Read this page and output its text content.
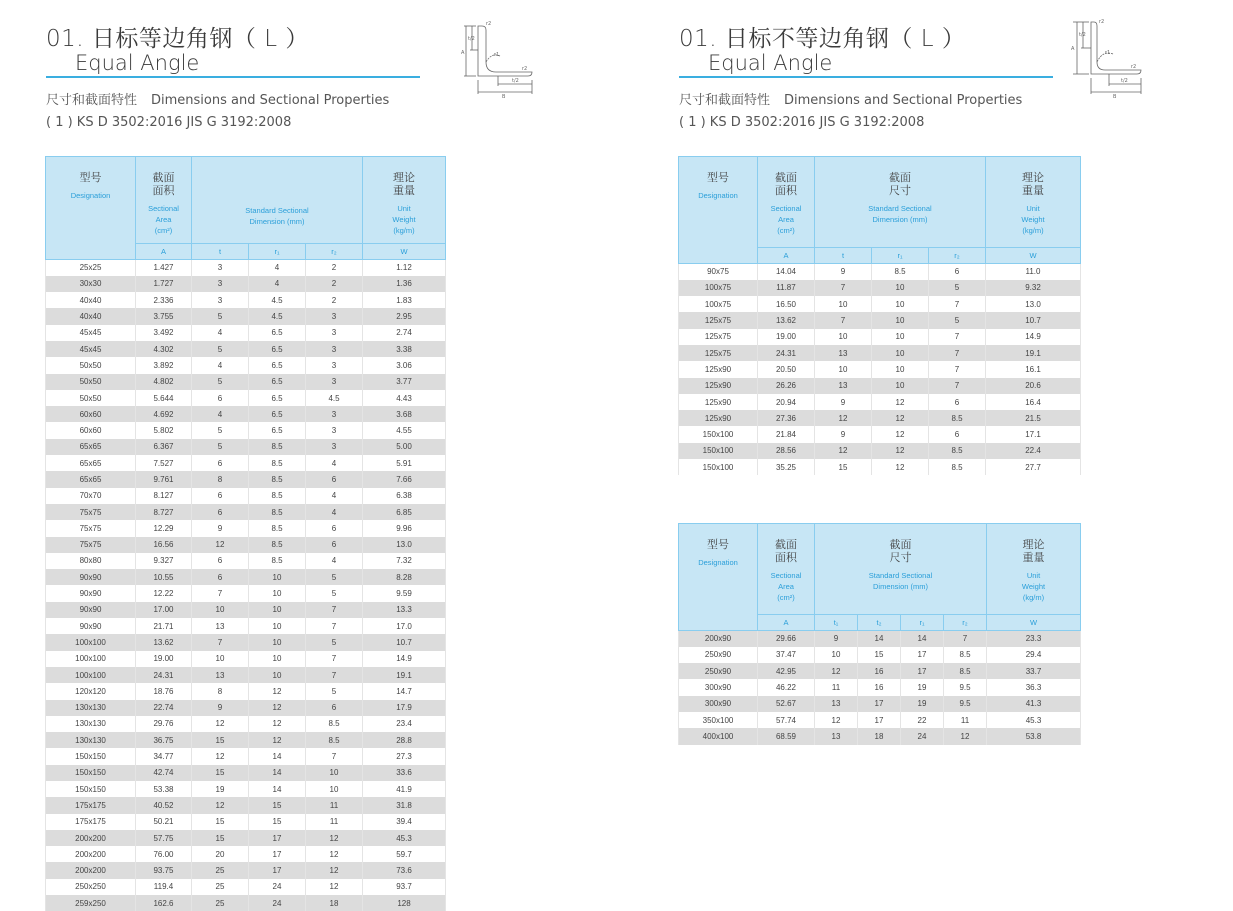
01. 日标等边角钢（ L ）
Equal Angle
尺寸和截面特性 Dimensions and Sectional Properties
( 1 ) KS D 3502:2016 JIS G 3192:2008
A
t/2
B
t/2
r2
r1
r2
型号
Designation	截面面积
Sectional Area (cm²)	Standard Sectional Dimension (mm)			理论重量
Unit Weight (kg/m)

	A	t	r₁	r₂	W
25x25	1.427	3	4	2	1.12
30x30	1.727	3	4	2	1.36
40x40	2.336	3	4.5	2	1.83
40x40	3.755	5	4.5	3	2.95
45x45	3.492	4	6.5	3	2.74
45x45	4.302	5	6.5	3	3.38
50x50	3.892	4	6.5	3	3.06
50x50	4.802	5	6.5	3	3.77
50x50	5.644	6	6.5	4.5	4.43
60x60	4.692	4	6.5	3	3.68
60x60	5.802	5	6.5	3	4.55
65x65	6.367	5	8.5	3	5.00
65x65	7.527	6	8.5	4	5.91
65x65	9.761	8	8.5	6	7.66
70x70	8.127	6	8.5	4	6.38
75x75	8.727	6	8.5	4	6.85
75x75	12.29	9	8.5	6	9.96
75x75	16.56	12	8.5	6	13.0
80x80	9.327	6	8.5	4	7.32
90x90	10.55	6	10	5	8.28
90x90	12.22	7	10	5	9.59
90x90	17.00	10	10	7	13.3
90x90	21.71	13	10	7	17.0
100x100	13.62	7	10	5	10.7
100x100	19.00	10	10	7	14.9
100x100	24.31	13	10	7	19.1
120x120	18.76	8	12	5	14.7
130x130	22.74	9	12	6	17.9
130x130	29.76	12	12	8.5	23.4
130x130	36.75	15	12	8.5	28.8
150x150	34.77	12	14	7	27.3
150x150	42.74	15	14	10	33.6
150x150	53.38	19	14	10	41.9
175x175	40.52	12	15	11	31.8
175x175	50.21	15	15	11	39.4
200x200	57.75	15	17	12	45.3
200x200	76.00	20	17	12	59.7
200x200	93.75	25	17	12	73.6
250x250	119.4	25	24	12	93.7
259x250	162.6	25	24	18	128
01. 日标不等边角钢（ L ）
Equal Angle
尺寸和截面特性 Dimensions and Sectional Properties
( 1 ) KS D 3502:2016 JIS G 3192:2008
A
t/2
B
t/2
r2
r1
r2
型号
Designation	截面面积
Sectional Area (cm²)	截面尺寸
Standard Sectional Dimension (mm)			理论重量
Unit Weight (kg/m)

	A	t	r₁	r₂	W
90x75	14.04	9	8.5	6	11.0
100x75	11.87	7	10	5	9.32
100x75	16.50	10	10	7	13.0
125x75	13.62	7	10	5	10.7
125x75	19.00	10	10	7	14.9
125x75	24.31	13	10	7	19.1
125x90	20.50	10	10	7	16.1
125x90	26.26	13	10	7	20.6
125x90	20.94	9	12	6	16.4
125x90	27.36	12	12	8.5	21.5
150x100	21.84	9	12	6	17.1
150x100	28.56	12	12	8.5	22.4
150x100	35.25	15	12	8.5	27.7
型号
Designation	截面面积
Sectional Area (cm²)	截面尺寸
Standard Sectional Dimension (mm)				理论重量
Unit Weight (kg/m)

	A	t₁	t₂	r₁	r₂	W
200x90	29.66	9	14	14	7	23.3
250x90	37.47	10	15	17	8.5	29.4
250x90	42.95	12	16	17	8.5	33.7
300x90	46.22	11	16	19	9.5	36.3
300x90	52.67	13	17	19	9.5	41.3
350x100	57.74	12	17	22	11	45.3
400x100	68.59	13	18	24	12	53.8
